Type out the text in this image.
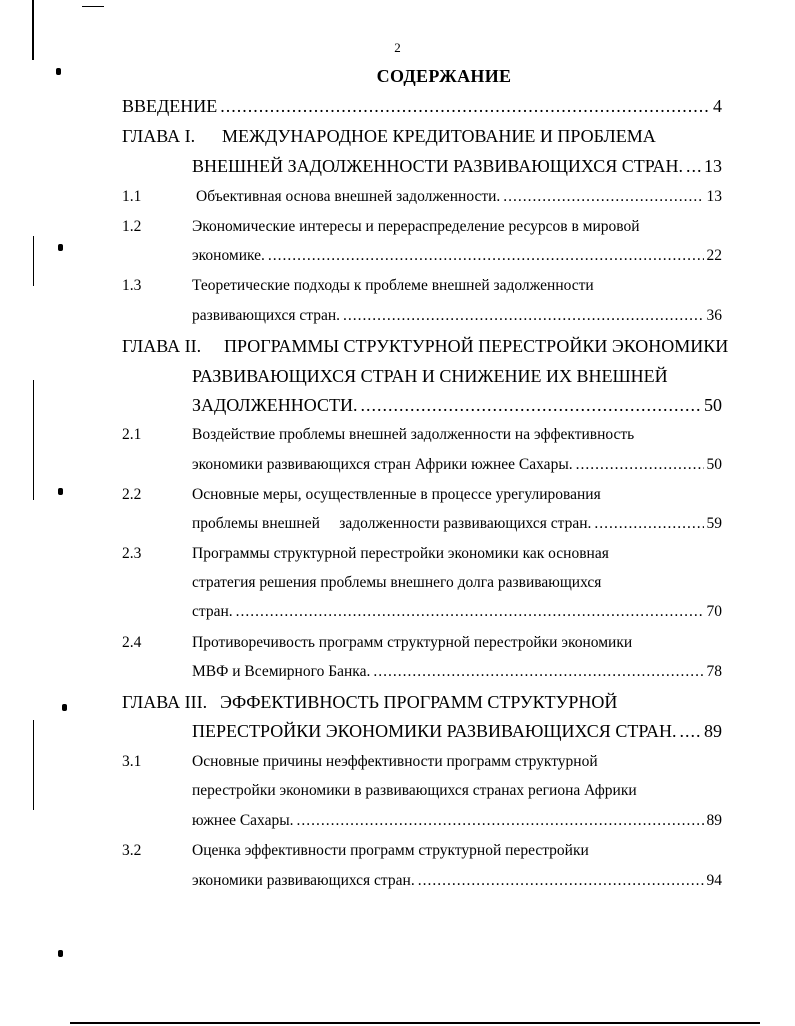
2
СОДЕРЖАНИЕ
ВВЕДЕНИЕ .....	4
ГЛАВА I. МЕЖДУНАРОДНОЕ КРЕДИТОВАНИЕ И ПРОБЛЕМА
ВНЕШНЕЙ ЗАДОЛЖЕННОСТИ РАЗВИВАЮЩИХСЯ СТРАН. ..... 13
1.1	Объективная основа внешней задолженности. .....	13
1.2	Экономические интересы и перераспределение ресурсов в мировой
экономике. .....	22
1.3	Теоретические подходы к проблеме внешней задолженности
развивающихся стран. .....	36
ГЛАВА II. ПРОГРАММЫ СТРУКТУРНОЙ ПЕРЕСТРОЙКИ ЭКОНОМИКИ
РАЗВИВАЮЩИХСЯ СТРАН И СНИЖЕНИЕ ИХ ВНЕШНЕЙ
ЗАДОЛЖЕННОСТИ. .....	50
2.1	Воздействие проблемы внешней задолженности на эффективность
экономики развивающихся стран Африки южнее Сахары. .....	50
2.2	Основные меры, осуществленные в процессе урегулирования
проблемы внешней     задолженности развивающихся стран. .....	59
2.3	Программы структурной перестройки экономики как основная
стратегия решения проблемы внешнего долга развивающихся
стран. .....	70
2.4	Противоречивость программ структурной перестройки экономики
МВФ и Всемирного Банка. .....	78
ГЛАВА III. ЭФФЕКТИВНОСТЬ ПРОГРАММ СТРУКТУРНОЙ
ПЕРЕСТРОЙКИ ЭКОНОМИКИ РАЗВИВАЮЩИХСЯ СТРАН. ..... 89
3.1	Основные причины неэффективности программ структурной
перестройки экономики в развивающихся странах региона Африки
южнее Сахары. .....	89
3.2	Оценка эффективности программ структурной перестройки
экономики развивающихся стран. .....	94
